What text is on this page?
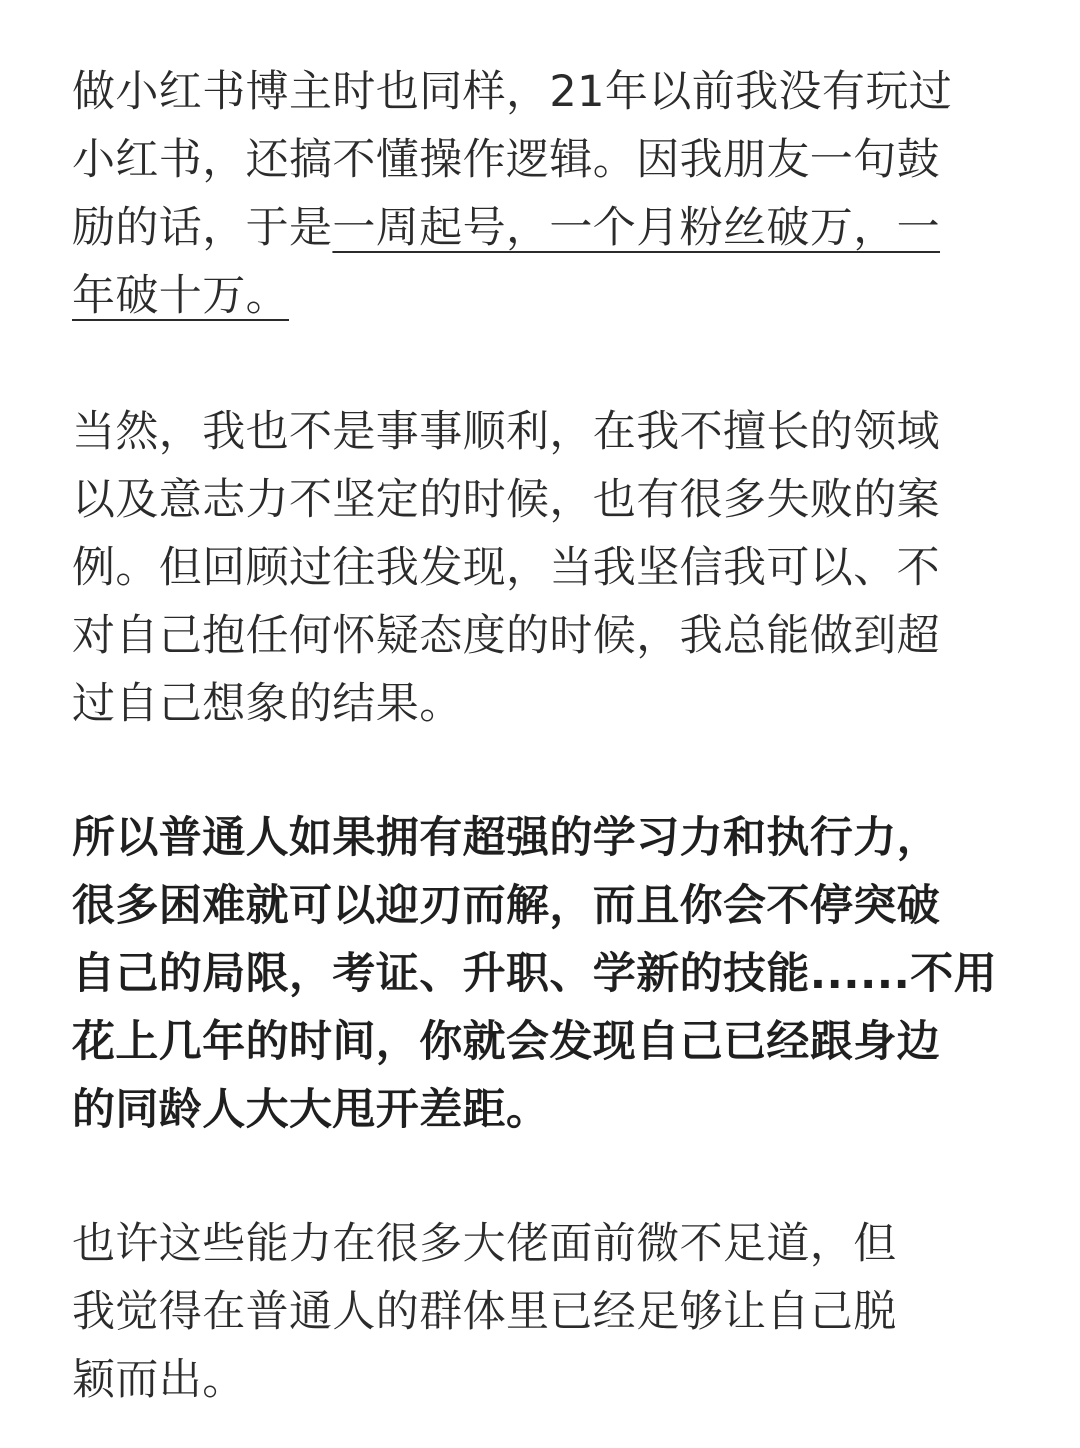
做小红书博主时也同样，21年以前我没有玩过
小红书，还搞不懂操作逻辑。因我朋友一句鼓
励的话，于是一周起号，一个月粉丝破万，一
年破十万。

当然，我也不是事事顺利，在我不擅长的领域
以及意志力不坚定的时候，也有很多失败的案
例。但回顾过往我发现，当我坚信我可以、不
对自己抱任何怀疑态度的时候，我总能做到超
过自己想象的结果。

所以普通人如果拥有超强的学习力和执行力，
很多困难就可以迎刃而解，而且你会不停突破
自己的局限，考证、升职、学新的技能......不用
花上几年的时间，你就会发现自己已经跟身边
的同龄人大大甩开差距。

也许这些能力在很多大佬面前微不足道，但
我觉得在普通人的群体里已经足够让自己脱
颖而出。
